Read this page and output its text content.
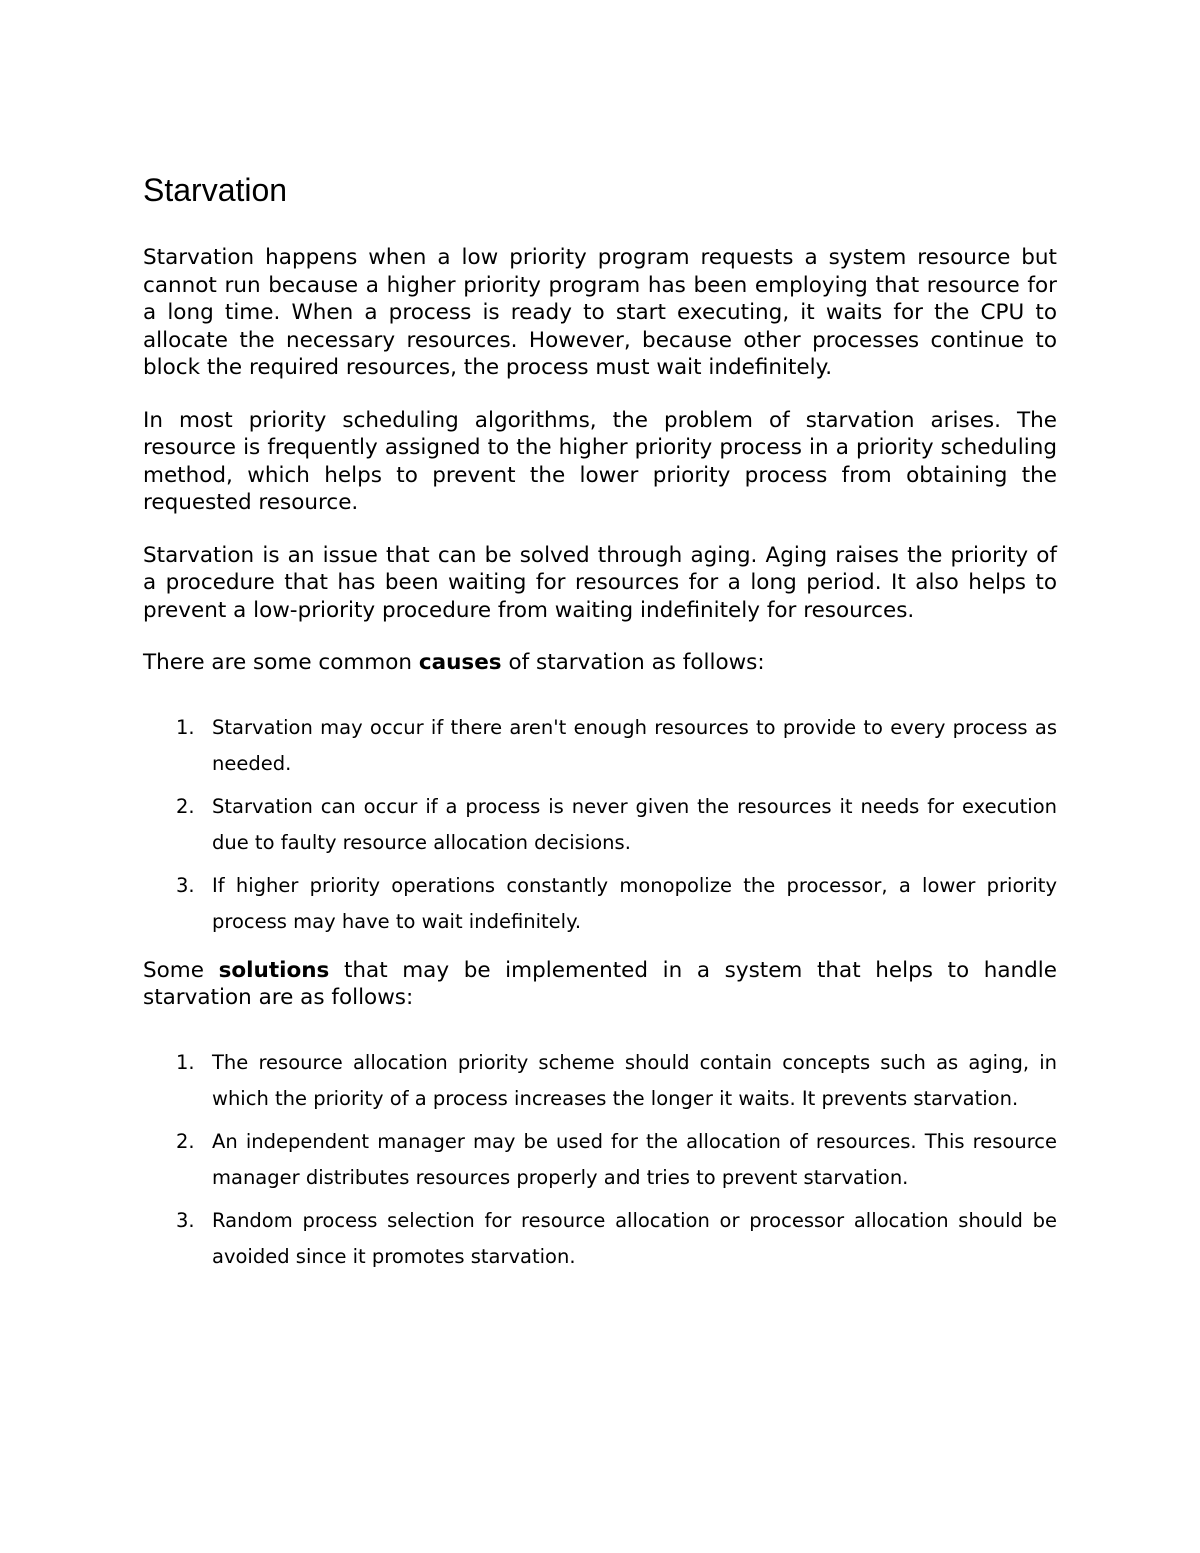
Starvation

Starvation happens when a low priority program requests a system resource but cannot run because a higher priority program has been employing that resource for a long time. When a process is ready to start executing, it waits for the CPU to allocate the necessary resources. However, because other processes continue to block the required resources, the process must wait indefinitely.

In most priority scheduling algorithms, the problem of starvation arises. The resource is frequently assigned to the higher priority process in a priority scheduling method, which helps to prevent the lower priority process from obtaining the requested resource.

Starvation is an issue that can be solved through aging. Aging raises the priority of a procedure that has been waiting for resources for a long period. It also helps to prevent a low-priority procedure from waiting indefinitely for resources.

There are some common causes of starvation as follows:

1. Starvation may occur if there aren't enough resources to provide to every process as needed.
2. Starvation can occur if a process is never given the resources it needs for execution due to faulty resource allocation decisions.
3. If higher priority operations constantly monopolize the processor, a lower priority process may have to wait indefinitely.

Some solutions that may be implemented in a system that helps to handle starvation are as follows:

1. The resource allocation priority scheme should contain concepts such as aging, in which the priority of a process increases the longer it waits. It prevents starvation.
2. An independent manager may be used for the allocation of resources. This resource manager distributes resources properly and tries to prevent starvation.
3. Random process selection for resource allocation or processor allocation should be avoided since it promotes starvation.
